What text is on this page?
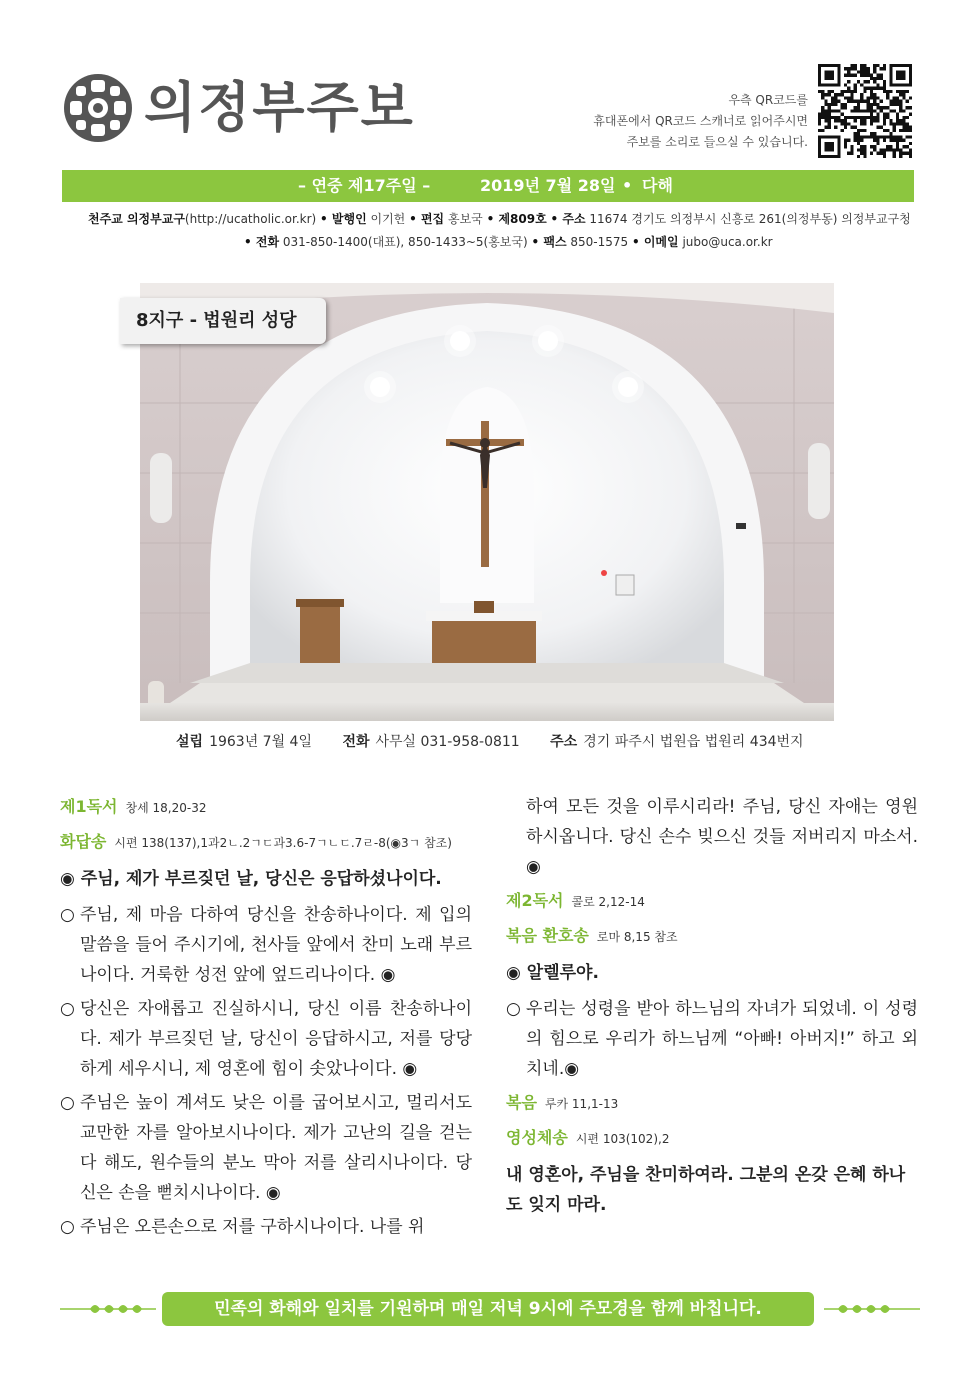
의정부주보	우측 QR코드를
휴대폰에서 QR코드 스캐너로 읽어주시면
주보를 소리로 들으실 수 있습니다.
– 연중 제17주일 –	2019년 7월 28일 • 다해
천주교 의정부교구(http://ucatholic.or.kr) • 발행인 이기헌 • 편집 홍보국 • 제809호 • 주소 11674 경기도 의정부시 신흥로 261(의정부동) 의정부교구청
• 전화 031-850-1400(대표), 850-1433~5(홍보국) • 팩스 850-1575 • 이메일 jubo@uca.or.kr
8지구 - 법원리 성당
설립 1963년 7월 4일 전화 사무실 031-958-0811 주소 경기 파주시 법원읍 법원리 434번지
제1독서 창세 18,20-32
화답송 시편 138(137),1과2ㄴ.2ㄱㄷ과3.6-7ㄱㄴㄷ.7ㄹ-8(◉3ㄱ 참조)
◉ 주님, 제가 부르짖던 날, 당신은 응답하셨나이다.
○ 주님, 제 마음 다하여 당신을 찬송하나이다. 제 입의 말씀을 들어 주시기에, 천사들 앞에서 찬미 노래 부르나이다. 거룩한 성전 앞에 엎드리나이다. ◉
○ 당신은 자애롭고 진실하시니, 당신 이름 찬송하나이다. 제가 부르짖던 날, 당신이 응답하시고, 저를 당당하게 세우시니, 제 영혼에 힘이 솟았나이다. ◉
○ 주님은 높이 계셔도 낮은 이를 굽어보시고, 멀리서도 교만한 자를 알아보시나이다. 제가 고난의 길을 걷는다 해도, 원수들의 분노 막아 저를 살리시나이다. 당신은 손을 뻗치시나이다. ◉
○ 주님은 오른손으로 저를 구하시나이다. 나를 위
하여 모든 것을 이루시리라! 주님, 당신 자애는 영원하시옵니다. 당신 손수 빚으신 것들 저버리지 마소서. ◉
제2독서 콜로 2,12-14
복음 환호송 로마 8,15 참조
◉ 알렐루야.
○ 우리는 성령을 받아 하느님의 자녀가 되었네. 이 성령의 힘으로 우리가 하느님께 “아빠! 아버지!” 하고 외치네.◉
복음 루카 11,1-13
영성체송 시편 103(102),2
내 영혼아, 주님을 찬미하여라. 그분의 온갖 은혜 하나도 잊지 마라.
민족의 화해와 일치를 기원하며 매일 저녁 9시에 주모경을 함께 바칩니다.
